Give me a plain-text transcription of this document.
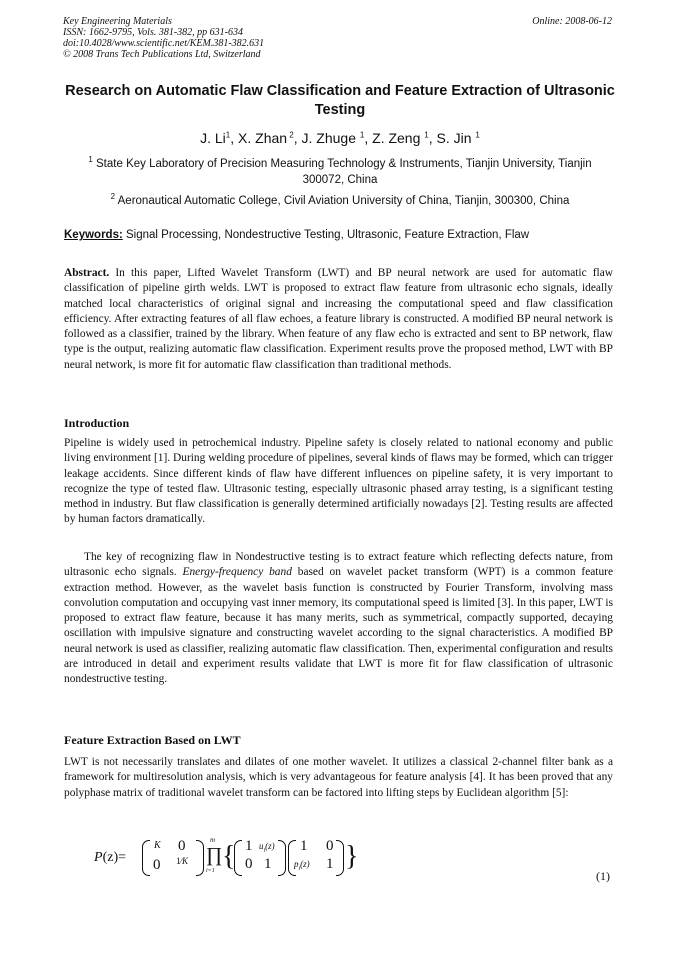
Key Engineering Materials
ISSN: 1662-9795, Vols. 381-382, pp 631-634
doi:10.4028/www.scientific.net/KEM.381-382.631
© 2008 Trans Tech Publications Ltd, Switzerland
Online: 2008-06-12
Research on Automatic Flaw Classification and Feature Extraction of Ultrasonic Testing
J. Li$^1$, X. Zhan $^2$, J. Zhuge $^1$, Z. Zeng $^1$, S. Jin $^1$
$^1$ State Key Laboratory of Precision Measuring Technology & Instruments, Tianjin University, Tianjin 300072, China
$^2$ Aeronautical Automatic College, Civil Aviation University of China, Tianjin, 300300, China
Keywords: Signal Processing, Nondestructive Testing, Ultrasonic, Feature Extraction, Flaw
Abstract. In this paper, Lifted Wavelet Transform (LWT) and BP neural network are used for automatic flaw classification of pipeline girth welds. LWT is proposed to extract flaw feature from ultrasonic echo signals, ideally matched local characteristics of original signal and increasing the computational speed and flaw classification efficiency. After extracting features of all flaw echoes, a feature library is constructed. A modified BP neural network is followed as a classifier, trained by the library. When feature of any flaw echo is extracted and sent to BP network, flaw type is the output, realizing automatic flaw classification. Experiment results prove the proposed method, LWT with BP neural network, is more fit for automatic flaw classification than traditional methods.
Introduction
Pipeline is widely used in petrochemical industry. Pipeline safety is closely related to national economy and public living environment [1]. During welding procedure of pipelines, several kinds of flaws may be formed, which can trigger leakage accidents. Since different kinds of flaw have different influences on pipeline safety, it is very important to recognize the type of tested flaw. Ultrasonic testing, especially ultrasonic phased array testing, is a significant testing method in industry. But flaw classification is generally determined artificially nowadays [2]. Testing results are affected by human factors dramatically.
The key of recognizing flaw in Nondestructive testing is to extract feature which reflecting defects nature, from ultrasonic echo signals. Energy-frequency band based on wavelet packet transform (WPT) is a common feature extraction method. However, as the wavelet basis function is constructed by Fourier Transform, involving mass convolution computation and occupying vast inner memory, its computational speed is limited [3]. In this paper, LWT is proposed to extract flaw feature, because it has many merits, such as symmetrical, compactly supported, decaying oscillation with impulsive signature and constructing wavelet according to the signal characteristics. A modified BP neural network is used as classifier, realizing automatic flaw classification. Then, experimental configuration and results are introduced in detail and experiment results validate that LWT is more fit for flaw classification of ultrasonic nondestructive testing.
Feature Extraction Based on LWT
LWT is not necessarily translates and dilates of one mother wavelet. It utilizes a classical 2-channel filter bank as a framework for multiresolution analysis, which is very advantageous for feature analysis [4]. It has been proved that any polyphase matrix of traditional wavelet transform can be factored into lifting steps by Euclidean algorithm [5]:
P(z)=
K 0
0 1⁄K
m
∏
i=1 { 1 $u_i(z)$
0 1
1 0
$p_i(z)$ 1 }
(1)
